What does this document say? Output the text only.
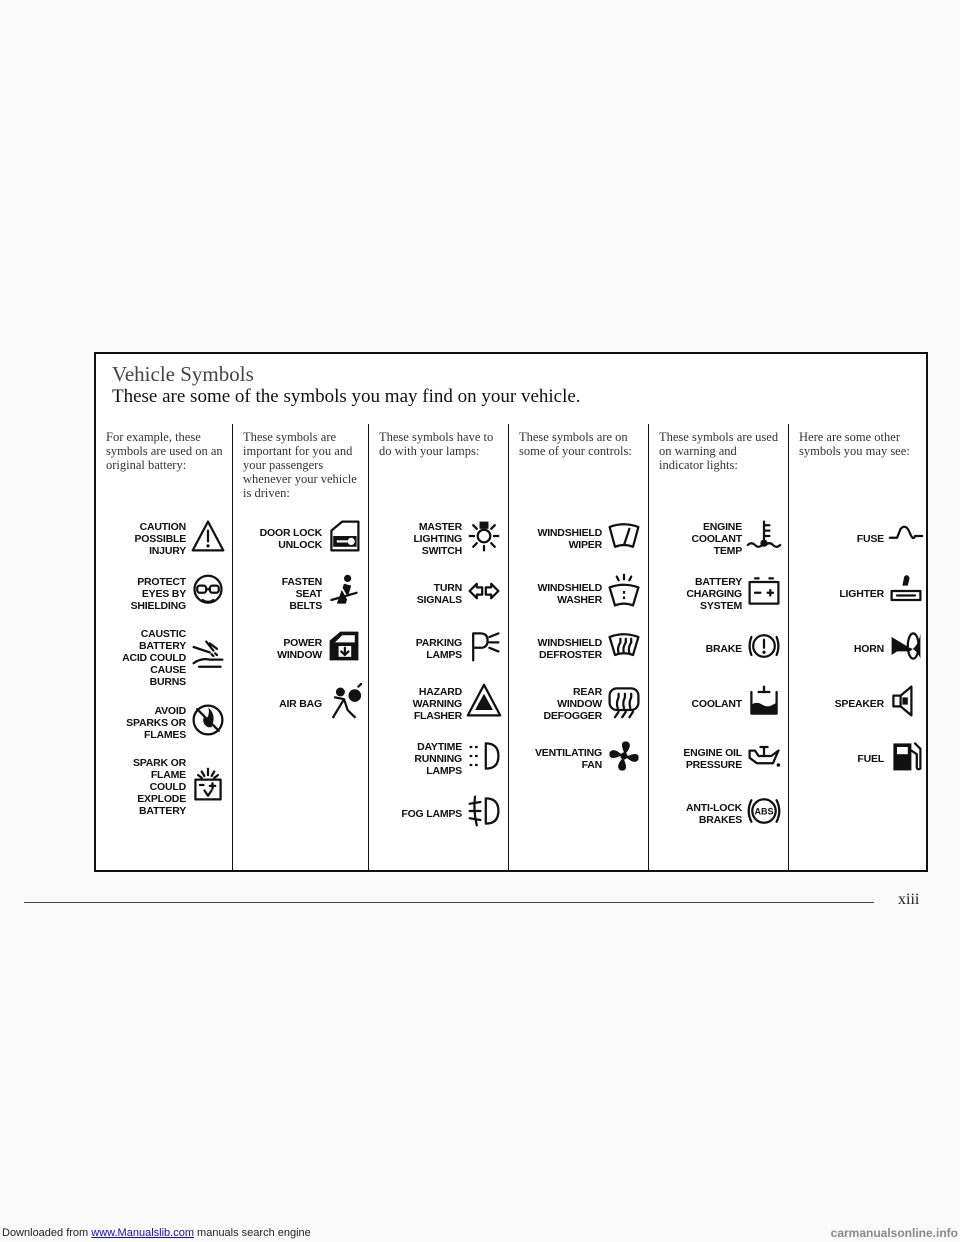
Downloaded from www.Manualslib.com manuals search engine	carmanualsonline.info
Vehicle Symbols
These are some of the symbols you may find on your vehicle.
For example, these symbols are used on an original battery:
CAUTION
POSSIBLE
INJURY
PROTECT
EYES BY
SHIELDING
CAUSTIC
BATTERY
ACID COULD
CAUSE
BURNS
AVOID
SPARKS OR
FLAMES
SPARK OR
FLAME
COULD
EXPLODE
BATTERY
These symbols are important for you and your passengers whenever your vehicle is driven:
DOOR LOCK
UNLOCK
FASTEN
SEAT
BELTS
POWER
WINDOW
AIR BAG
These symbols have to do with your lamps:
MASTER
LIGHTING
SWITCH
TURN
SIGNALS
PARKING
LAMPS
HAZARD
WARNING
FLASHER
DAYTIME
RUNNING
LAMPS
FOG LAMPS
These symbols are on some of your controls:
WINDSHIELD
WIPER
WINDSHIELD
WASHER
WINDSHIELD
DEFROSTER
REAR
WINDOW
DEFOGGER
VENTILATING
FAN
These symbols are used on warning and indicator lights:
ENGINE
COOLANT
TEMP
BATTERY
CHARGING
SYSTEM
BRAKE
COOLANT
ENGINE OIL
PRESSURE
ANTI-LOCK
BRAKES
ABS
Here are some other symbols you may see:
FUSE
LIGHTER
HORN
SPEAKER
FUEL
xiii
